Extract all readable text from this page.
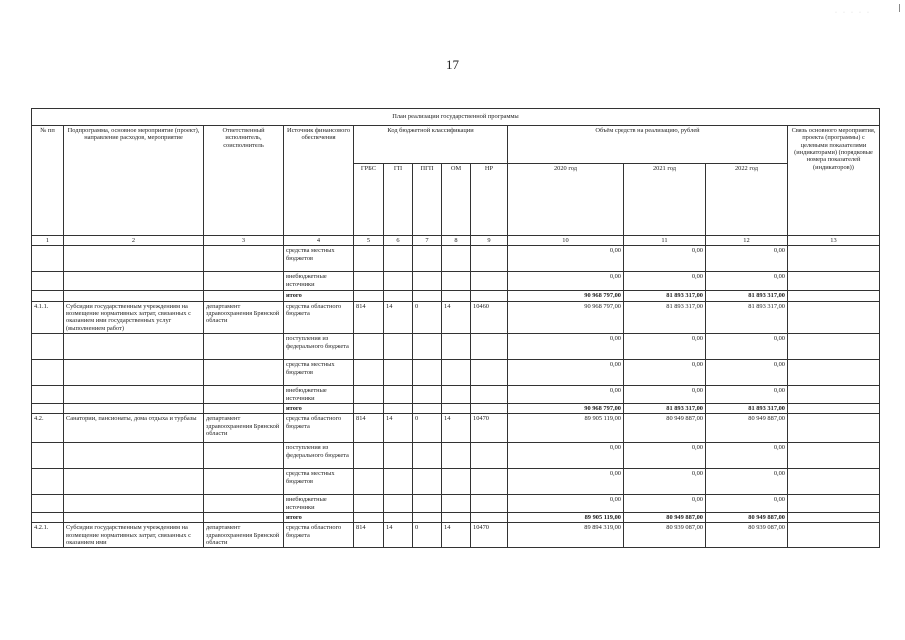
·····
17
План реализации государственной программы												
№ пп	Подпрограмма, основное мероприятие (проект), направление расходов, мероприятие	Ответственный исполнитель, соисполнитель	Источник финансового обеспечения	Код бюджетной классификации					Объём средств на реализацию, рублей			Связь основного мероприятия, проекта (программы) с целевыми показателями (индикаторами) (порядковые номера показателей (индикаторов))
				ГРБС	ГП	ПГП	ОМ	НР	2020 год	2021 год	2022 год	
1	2	3	4	5	6	7	8	9	10	11	12	13
			средства местных бюджетов						0,00	0,00	0,00	
			внебюджетные источники						0,00	0,00	0,00	
			итого						90 968 797,00	81 893 317,00	81 893 317,00	
4.1.1.	Субсидии государственным учреждениям на возмещение нормативных затрат, связанных с оказанием ими государственных услуг (выполнением работ)	департамент здравоохранения Брянской области	средства областного бюджета	814	14	0	14	10460	90 968 797,00	81 893 317,00	81 893 317,00	
			поступления из федерального бюджета						0,00	0,00	0,00	
			средства местных бюджетов						0,00	0,00	0,00	
			внебюджетные источники						0,00	0,00	0,00	
			итого						90 968 797,00	81 893 317,00	81 893 317,00	
4.2.	Санатории, пансионаты, дома отдыха и турбазы	департамент здравоохранения Брянской области	средства областного бюджета	814	14	0	14	10470	89 905 119,00	80 949 887,00	80 949 887,00	
			поступления из федерального бюджета						0,00	0,00	0,00	
			средства местных бюджетов						0,00	0,00	0,00	
			внебюджетные источники						0,00	0,00	0,00	
			итого						89 905 119,00	80 949 887,00	80 949 887,00	
4.2.1.	Субсидии государственным учреждениям на возмещение нормативных затрат, связанных с оказанием ими	департамент здравоохранения Брянской области	средства областного бюджета	814	14	0	14	10470	89 894 319,00	80 939 087,00	80 939 087,00	
